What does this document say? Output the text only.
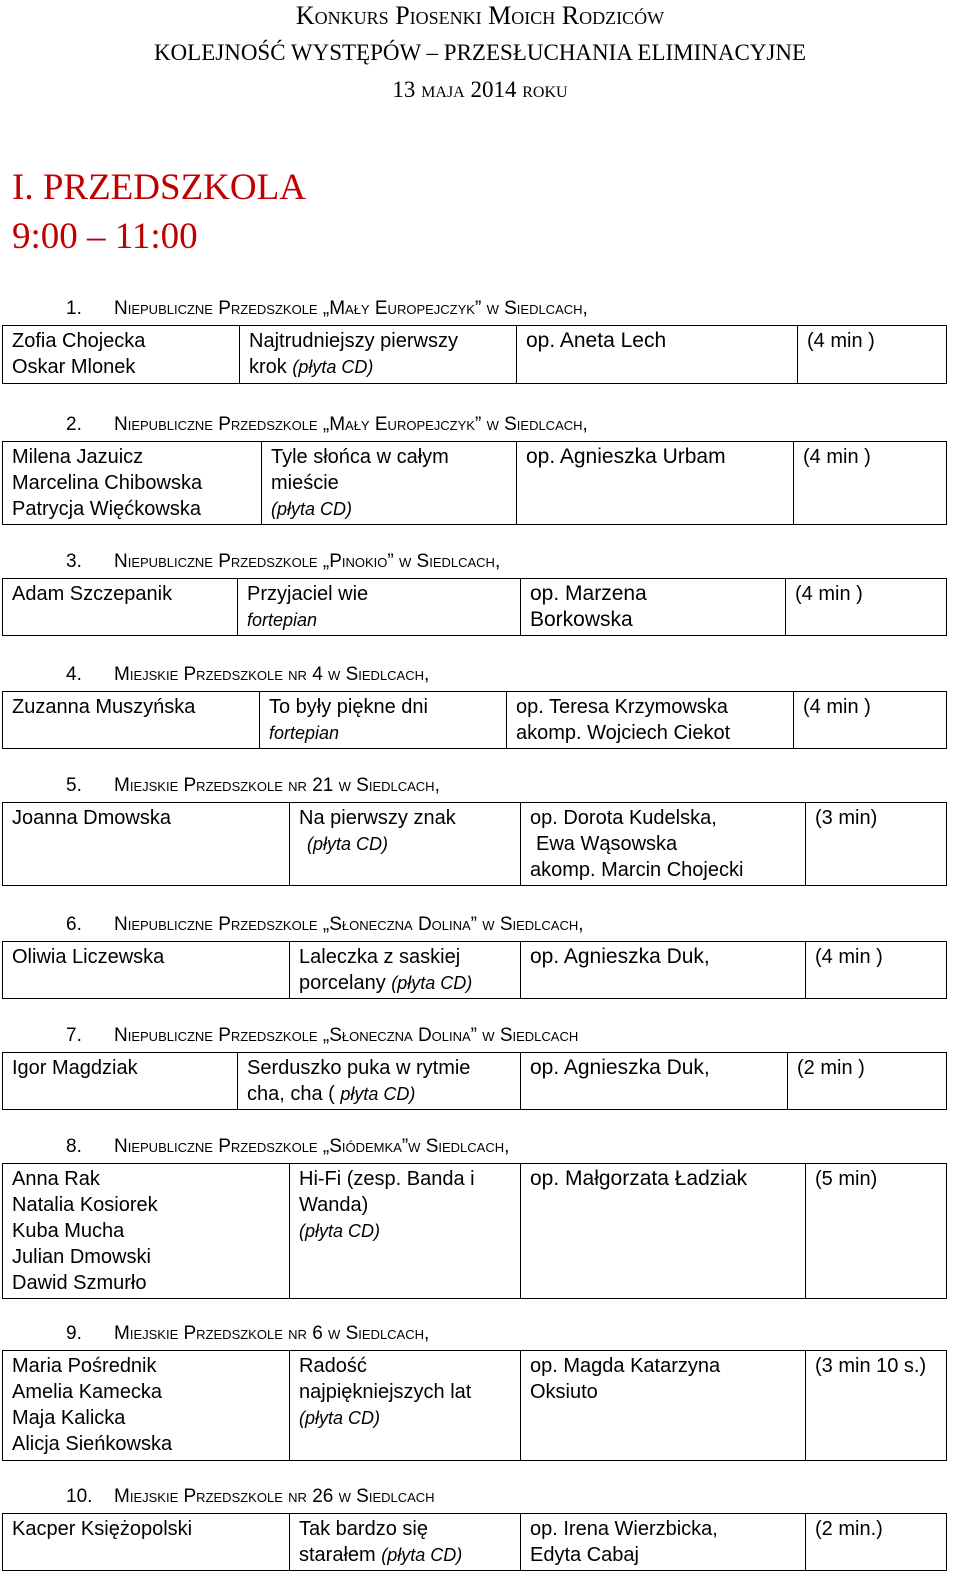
Konkurs Piosenki Moich Rodziców
KOLEJNOŚĆ WYSTĘPÓW – PRZESŁUCHANIA ELIMINACYJNE
13 maja 2014 roku
I. PRZEDSZKOLA
9:00 – 11:00
1. Niepubliczne Przedszkole „Mały Europejczyk” w Siedlcach,
Zofia Chojecka
Oskar Mlonek

Najtrudniejszy pierwszy
krok (płyta CD)

op. Aneta Lech	(4 min )
2. Niepubliczne Przedszkole „Mały Europejczyk” w Siedlcach,
Milena Jazuicz
Marcelina Chibowska
Patrycja Więćkowska

Tyle słońca w całym
mieście
(płyta CD)

op. Agnieszka Urbam	(4 min )
3. Niepubliczne Przedszkole „Pinokio” w Siedlcach,
Adam Szczepanik	Przyjaciel wie
fortepian

op. Marzena
Borkowska
	(4 min )
4. Miejskie Przedszkole nr 4 w Siedlcach,
Zuzanna Muszyńska	To były piękne dni
fortepian

op. Teresa Krzymowska
akomp. Wojciech Ciekot
	(4 min )
5. Miejskie Przedszkole nr 21 w Siedlcach,
Joanna Dmowska	Na pierwszy znak
(płyta CD)

op. Dorota Kudelska,
Ewa Wąsowska
akomp. Marcin Chojecki
	(3 min)
6. Niepubliczne Przedszkole „Słoneczna Dolina” w Siedlcach,
Oliwia Liczewska	Laleczka z saskiej
porcelany (płyta CD)

op. Agnieszka Duk,	(4 min )
7. Niepubliczne Przedszkole „Słoneczna Dolina” w Siedlcach
Igor Magdziak	Serduszko puka w rytmie
cha, cha ( płyta CD)

op. Agnieszka Duk,	(2 min )
8. Niepubliczne Przedszkole „Siódemka”w Siedlcach,
Anna Rak
Natalia Kosiorek
Kuba Mucha
Julian Dmowski
Dawid Szmurło

Hi-Fi (zesp. Banda i
Wanda)
(płyta CD)

op. Małgorzata Ładziak	(5 min)
9. Miejskie Przedszkole nr 6 w Siedlcach,
Maria Pośrednik
Amelia Kamecka
Maja Kalicka
Alicja Sieńkowska

Radość
najpiękniejszych lat
(płyta CD)

op. Magda Katarzyna
Oksiuto
	(3 min 10 s.)
10. Miejskie Przedszkole nr 26 w Siedlcach
Kacper Księżopolski	Tak bardzo się
starałem (płyta CD)

op. Irena Wierzbicka,
Edyta Cabaj
	(2 min.)
